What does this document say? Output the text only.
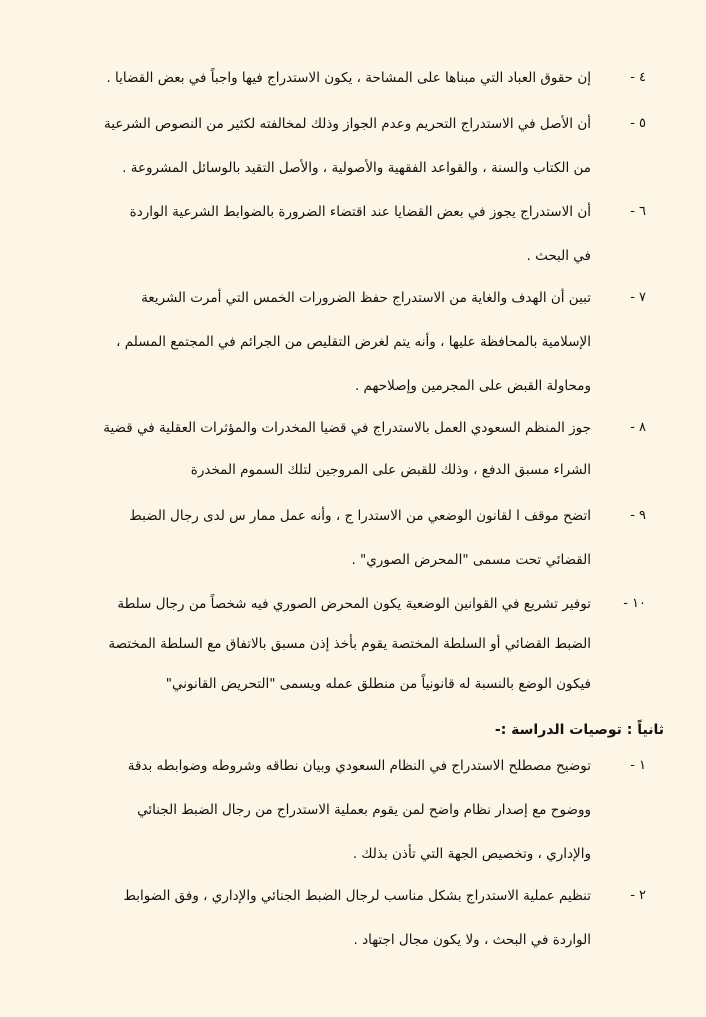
٤ -
إن حقوق العباد التي مبناها على المشاحة ، يكون الاستدراج فيها واجباً في بعض القضايا .
٥ -
أن الأصل في الاستدراج التحريم وعدم الجواز وذلك لمخالفته لكثير من النصوص الشرعية
من الكتاب والسنة ، والقواعد الفقهية والأصولية ، والأصل التقيد بالوسائل المشروعة .
٦ -
أن الاستدراج يجوز في بعض القضايا عند اقتضاء الضرورة بالضوابط الشرعية الواردة
في البحث .
٧ -
تبين أن الهدف والغاية من الاستدراج حفظ الضرورات الخمس التي أمرت الشريعة
الإسلامية بالمحافظة عليها ، وأنه يتم لغرض التقليص من الجرائم في المجتمع المسلم ،
ومحاولة القبض على المجرمين وإصلاحهم .
٨ -
جوز المنظم السعودي العمل بالاستدراج في قضيا المخدرات والمؤثرات العقلية في قضية
الشراء مسبق الدفع ، وذلك للقبض على المروجين لتلك السموم المخدرة
٩ -
اتضح موقف ا لقانون الوضعي من الاستدرا ج ، وأنه عمل ممار س لدى رجال الضبط
القضائي تحت مسمى "المحرض الصوري" .
١٠ -
توفير تشريع في القوانين الوضعية يكون المحرض الصوري فيه شخصاً من رجال سلطة
الضبط القضائي أو السلطة المختصة يقوم بأخذ إذن مسبق بالاتفاق مع السلطة المختصة
فيكون الوضع بالنسبة له قانونياً من منطلق عمله ويسمى "التحريض القانوني"
ثانياً : توصيات الدراسة :-
١ -
توضيح مصطلح الاستدراج في النظام السعودي وبيان نطاقه وشروطه وضوابطه بدقة
ووضوح مع إصدار نظام واضح لمن يقوم بعملية الاستدراج من رجال الضبط الجنائي
والإداري ، وتخصيص الجهة التي تأذن بذلك .
٢ -
تنظيم عملية الاستدراج بشكل مناسب لرجال الضبط الجنائي والإداري ، وفق الضوابط
الواردة في البحث ، ولا يكون مجال اجتهاد .
